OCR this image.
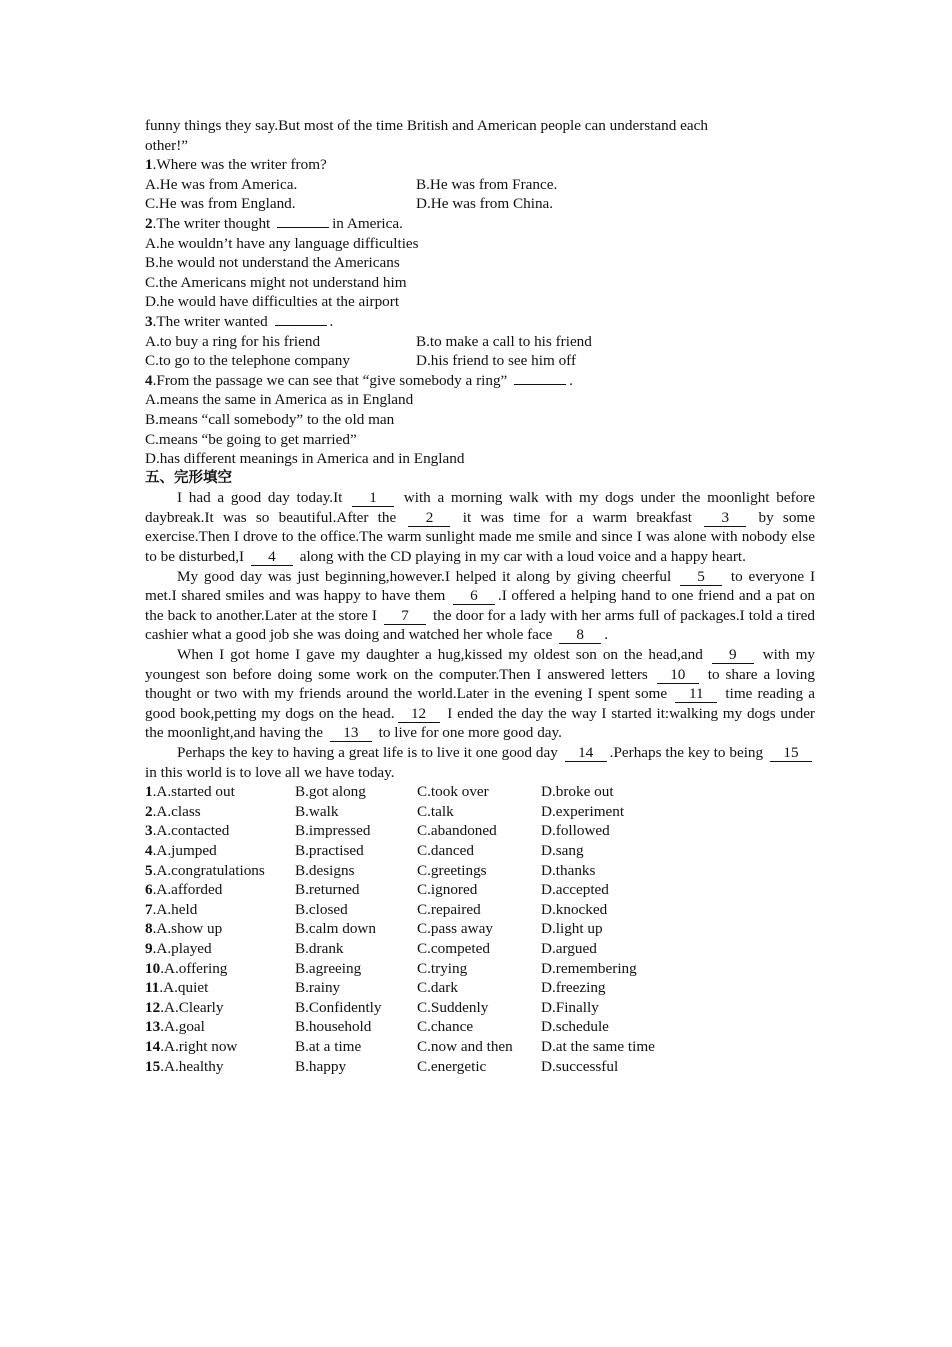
funny things they say.But most of the time British and American people can understand each
other!”
1.Where was the writer from?
A.He was from America.	B.He was from France.
C.He was from England.	D.He was from China.
2.The writer thought	in America.
A.he wouldn’t have any language difficulties
B.he would not understand the Americans
C.the Americans might not understand him
D.he would have difficulties at the airport
3.The writer wanted	.
A.to buy a ring for his friend	B.to make a call to his friend
C.to go to the telephone company	D.his friend to see him off
4.From the passage we can see that “give somebody a ring”	.
A.means the same in America as in England
B.means “call somebody” to the old man
C.means “be going to get married”
D.has different meanings in America and in England
五、完形填空
I had a good day today.It 1 with a morning walk with my dogs under the moonlight before daybreak.It was so beautiful.After the 2 it was time for a warm breakfast 3 by some exercise.Then I drove to the office.The warm sunlight made me smile and since I was alone with nobody else to be disturbed,I 4 along with the CD playing in my car with a loud voice and a happy heart.
My good day was just beginning,however.I helped it along by giving cheerful 5 to everyone I met.I shared smiles and was happy to have them 6 .I offered a helping hand to one friend and a pat on the back to another.Later at the store I 7 the door for a lady with her arms full of packages.I told a tired cashier what a good job she was doing and watched her whole face 8 .
When I got home I gave my daughter a hug,kissed my oldest son on the head,and 9 with my youngest son before doing some work on the computer.Then I answered letters 10 to share a loving thought or two with my friends around the world.Later in the evening I spent some 11 time reading a good book,petting my dogs on the head. 12 I ended the day the way I started it:walking my dogs under the moonlight,and having the 13 to live for one more good day.
Perhaps the key to having a great life is to live it one good day 14 .Perhaps the key to being 15 in this world is to love all we have today.
1.A.started out	B.got along	C.took over	D.broke out
2.A.class	B.walk	C.talk	D.experiment
3.A.contacted	B.impressed	C.abandoned	D.followed
4.A.jumped	B.practised	C.danced	D.sang
5.A.congratulations	B.designs	C.greetings	D.thanks
6.A.afforded	B.returned	C.ignored	D.accepted
7.A.held	B.closed	C.repaired	D.knocked
8.A.show up	B.calm down	C.pass away	D.light up
9.A.played	B.drank	C.competed	D.argued
10.A.offering	B.agreeing	C.trying	D.remembering
11.A.quiet	B.rainy	C.dark	D.freezing
12.A.Clearly	B.Confidently	C.Suddenly	D.Finally
13.A.goal	B.household	C.chance	D.schedule
14.A.right now	B.at a time	C.now and then	D.at the same time
15.A.healthy	B.happy	C.energetic	D.successful
